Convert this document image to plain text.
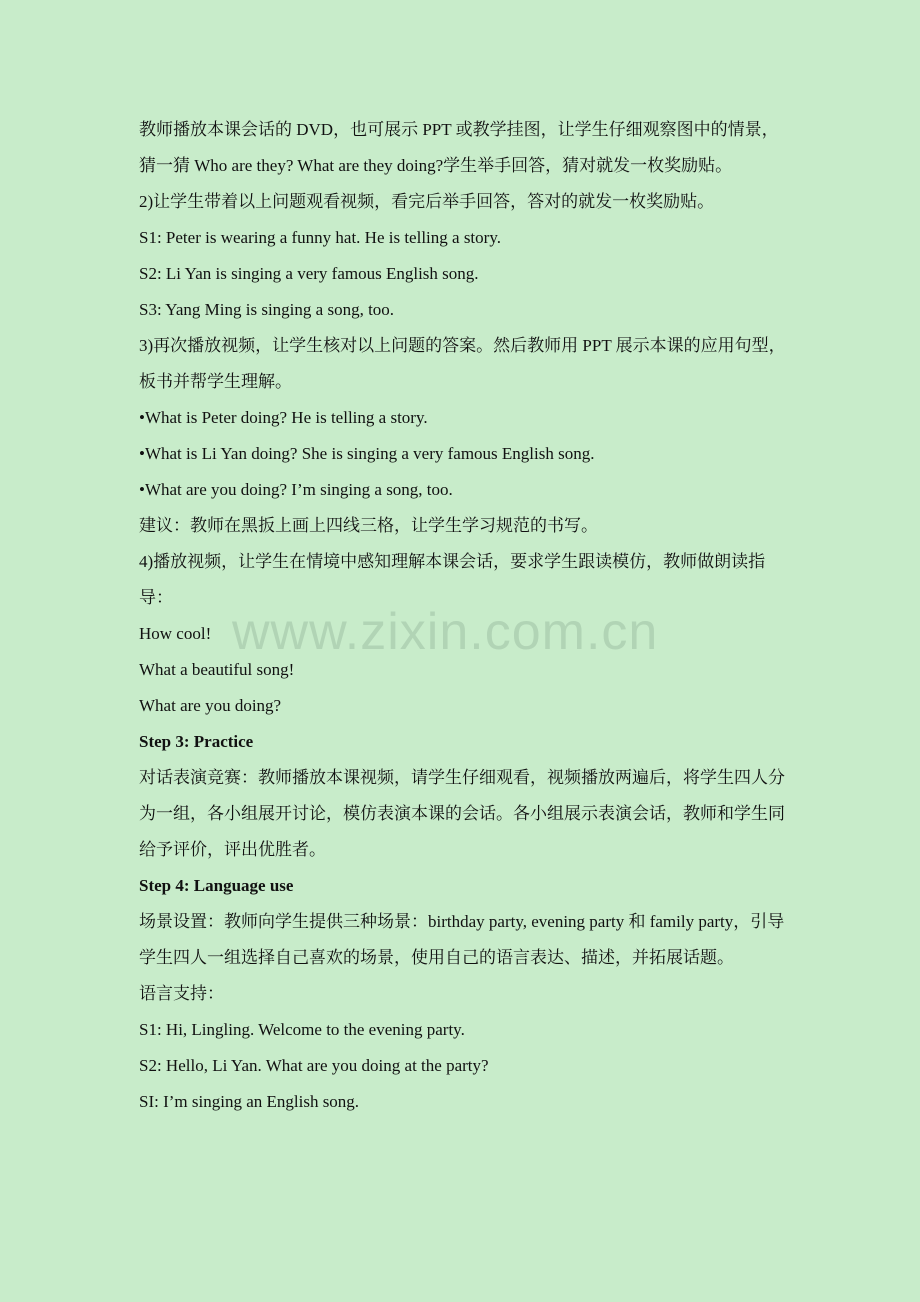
教师播放本课会话的 DVD，也可展示 PPT 或教学挂图，让学生仔细观察图中的情景，猜一猜 Who are they? What are they doing?学生举手回答，猜对就发一枚奖励贴。

2)让学生带着以上问题观看视频，看完后举手回答，答对的就发一枚奖励贴。

S1: Peter is wearing a funny hat. He is telling a story.

S2: Li Yan is singing a very famous English song.

S3: Yang Ming is singing a song, too.

3)再次播放视频，让学生核对以上问题的答案。然后教师用 PPT 展示本课的应用句型，板书并帮学生理解。

•What is Peter doing? He is telling a story.

•What is Li Yan doing? She is singing a very famous English song.

•What are you doing? I’m singing a song, too.

建议：教师在黑扳上画上四线三格，让学生学习规范的书写。

4)播放视频，让学生在情境中感知理解本课会话，要求学生跟读模仿，教师做朗读指导：

How cool!

What a beautiful song!

What are you doing?

Step 3: Practice

对话表演竞赛：教师播放本课视频，请学生仔细观看，视频播放两遍后，将学生四人分为一组，各小组展开讨论，模仿表演本课的会话。各小组展示表演会话，教师和学生同给予评价，评出优胜者。

Step 4: Language use

场景设置：教师向学生提供三种场景：birthday party, evening party 和 family party，引导学生四人一组选择自己喜欢的场景，使用自己的语言表达、描述，并拓展话题。

语言支持：

S1: Hi, Lingling. Welcome to the evening party.

S2: Hello, Li Yan. What are you doing at the party?

SI: I’m singing an English song.

www.zixin.com.cn
